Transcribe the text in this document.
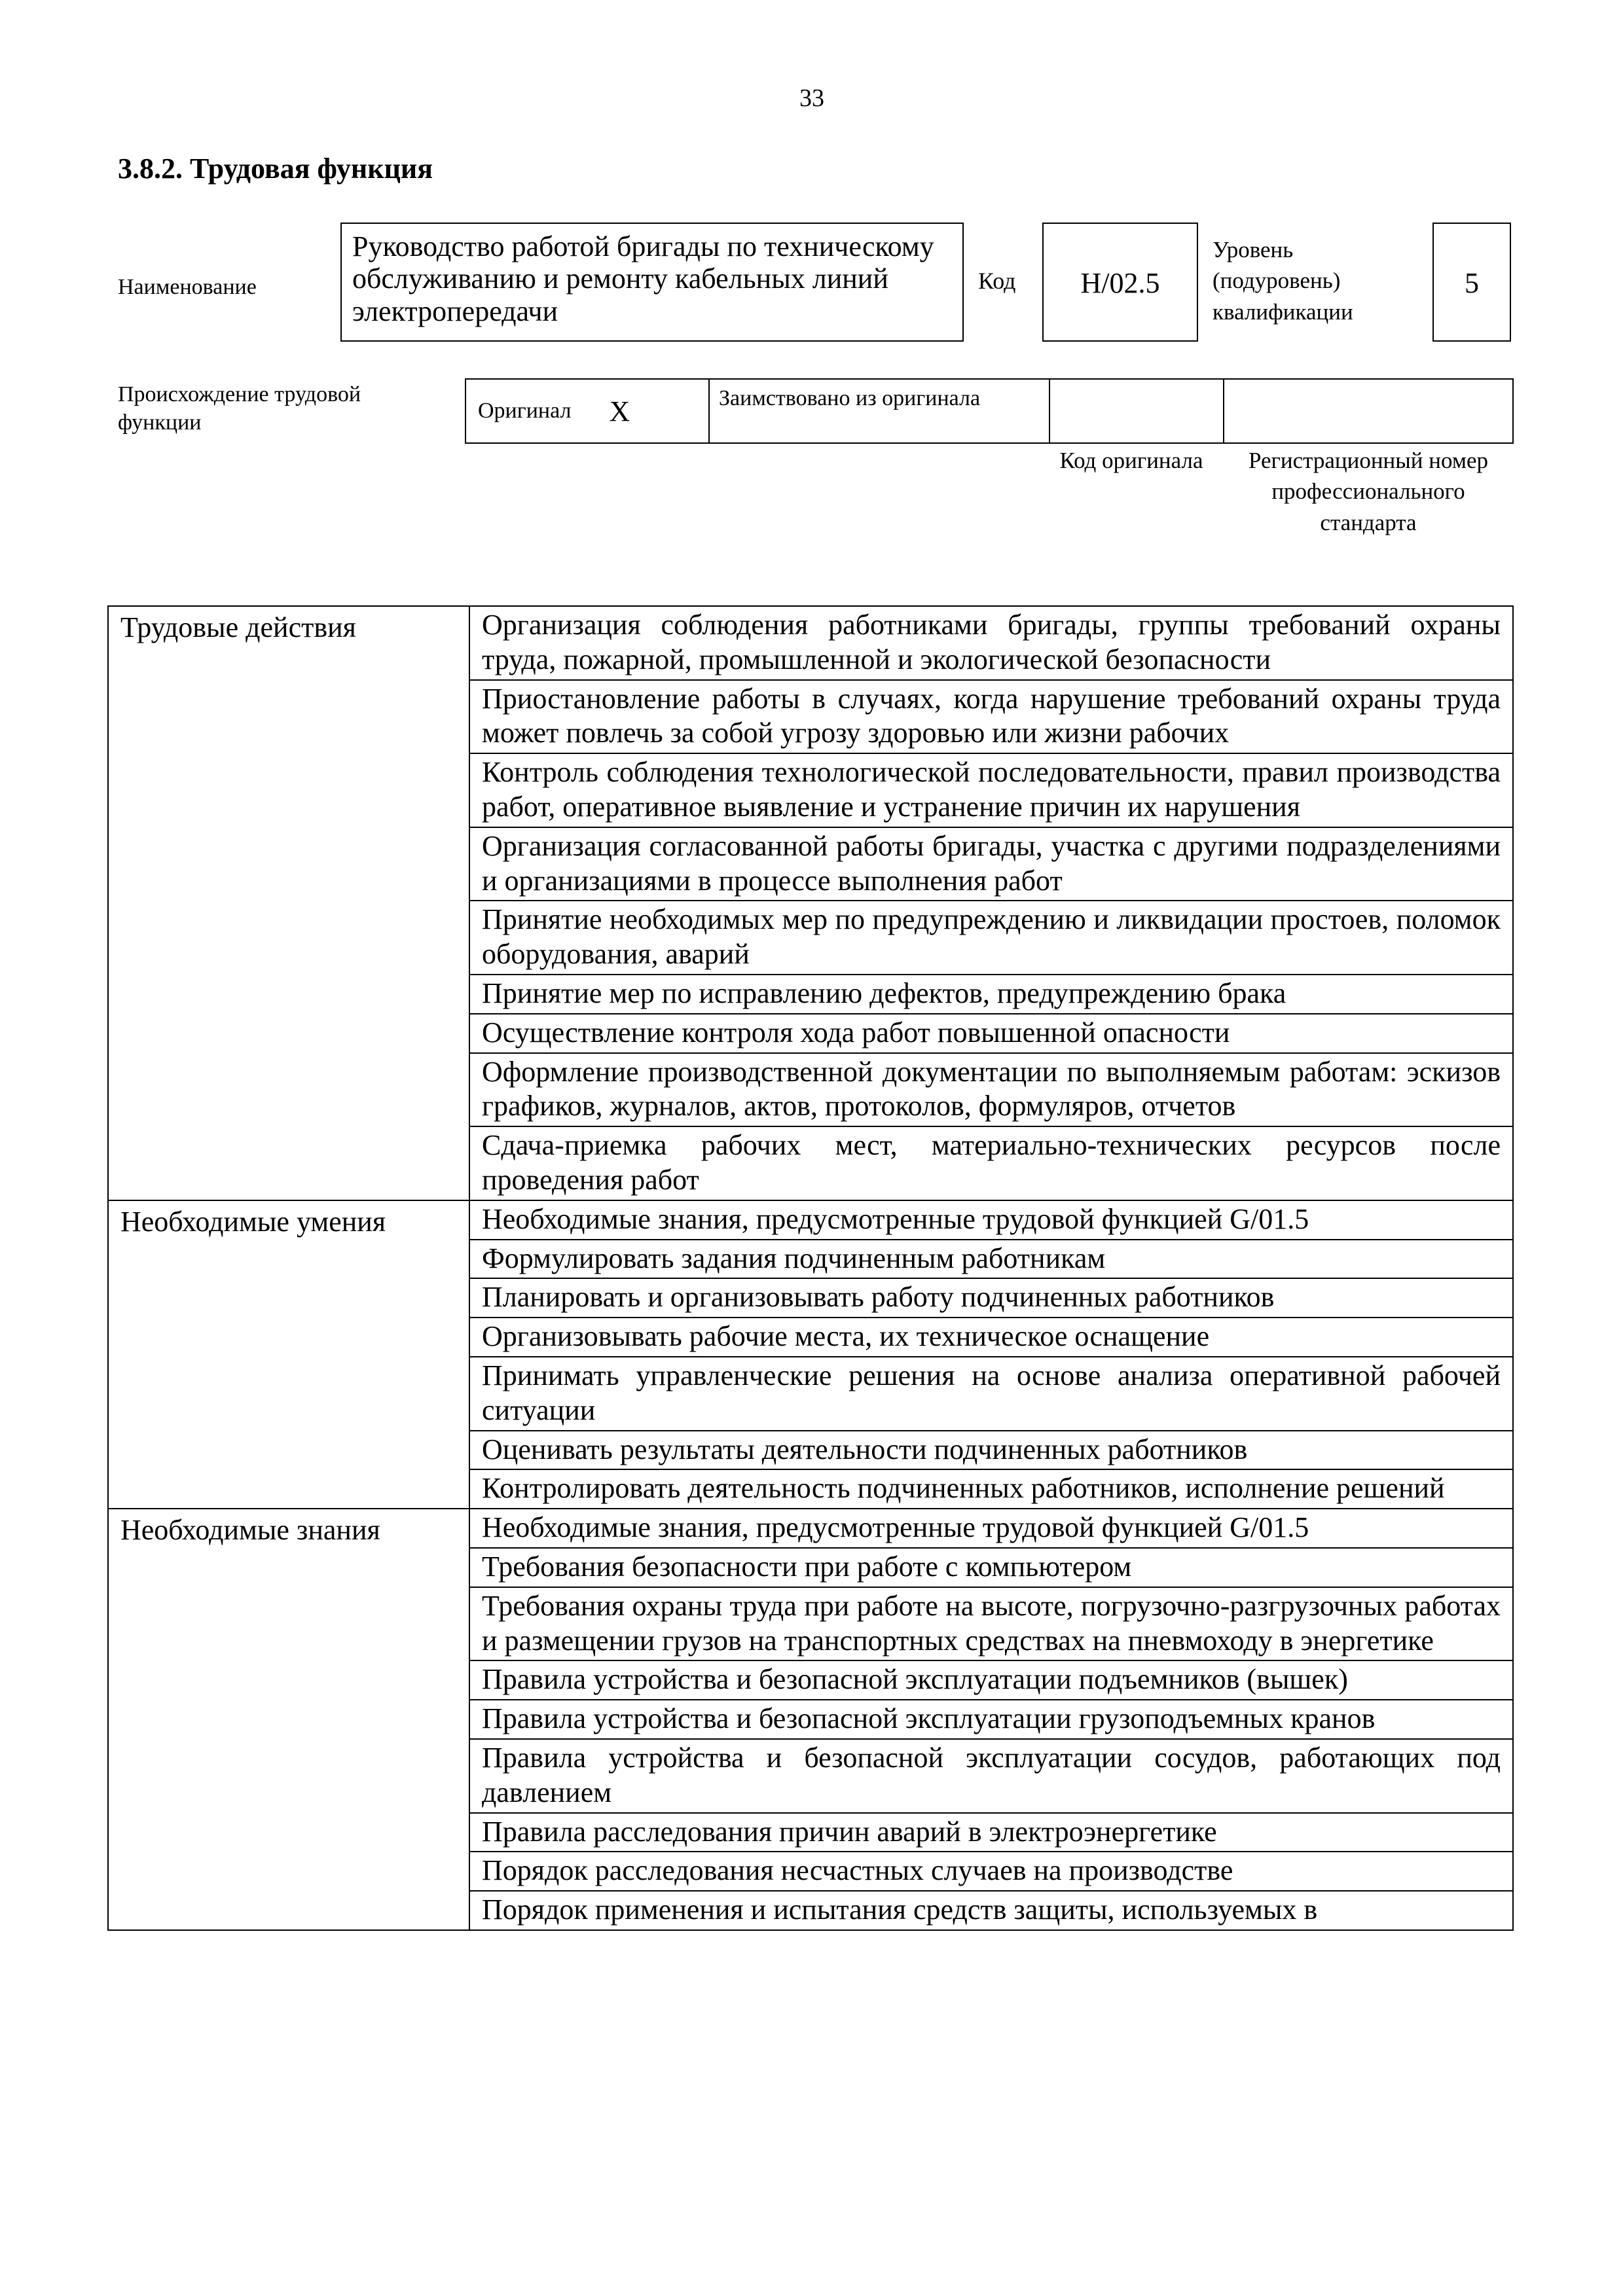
33
3.8.2. Трудовая функция
Наименование
Руководство работой бригады по техническому обслуживанию и ремонту кабельных линий электропередачи
Код	H/02.5
Уровень (подуровень) квалификации
5
Происхождение трудовой функции	Оригинал X	Заимствовано из оригинала
Код оригинала	Регистрационный номер профессионального стандарта
Трудовые действия	Организация соблюдения работниками бригады, группы требований охраны труда, пожарной, промышленной и экологической безопасности
	Приостановление работы в случаях, когда нарушение требований охраны труда может повлечь за собой угрозу здоровью или жизни рабочих
	Контроль соблюдения технологической последовательности, правил производства работ, оперативное выявление и устранение причин их нарушения
	Организация согласованной работы бригады, участка с другими подразделениями и организациями в процессе выполнения работ
	Принятие необходимых мер по предупреждению и ликвидации простоев, поломок оборудования, аварий
	Принятие мер по исправлению дефектов, предупреждению брака
	Осуществление контроля хода работ повышенной опасности
	Оформление производственной документации по выполняемым работам: эскизов графиков, журналов, актов, протоколов, формуляров, отчетов
	Сдача-приемка рабочих мест, материально-технических ресурсов после проведения работ
Необходимые умения	Необходимые знания, предусмотренные трудовой функцией G/01.5
	Формулировать задания подчиненным работникам
	Планировать и организовывать работу подчиненных работников
	Организовывать рабочие места, их техническое оснащение
	Принимать управленческие решения на основе анализа оперативной рабочей ситуации
	Оценивать результаты деятельности подчиненных работников
	Контролировать деятельность подчиненных работников, исполнение решений
Необходимые знания	Необходимые знания, предусмотренные трудовой функцией G/01.5
	Требования безопасности при работе с компьютером
	Требования охраны труда при работе на высоте, погрузочно-разгрузочных работах и размещении грузов на транспортных средствах на пневмоходу в энергетике
	Правила устройства и безопасной эксплуатации подъемников (вышек)
	Правила устройства и безопасной эксплуатации грузоподъемных кранов
	Правила устройства и безопасной эксплуатации сосудов, работающих под давлением
	Правила расследования причин аварий в электроэнергетике
	Порядок расследования несчастных случаев на производстве
	Порядок применения и испытания средств защиты, используемых в
